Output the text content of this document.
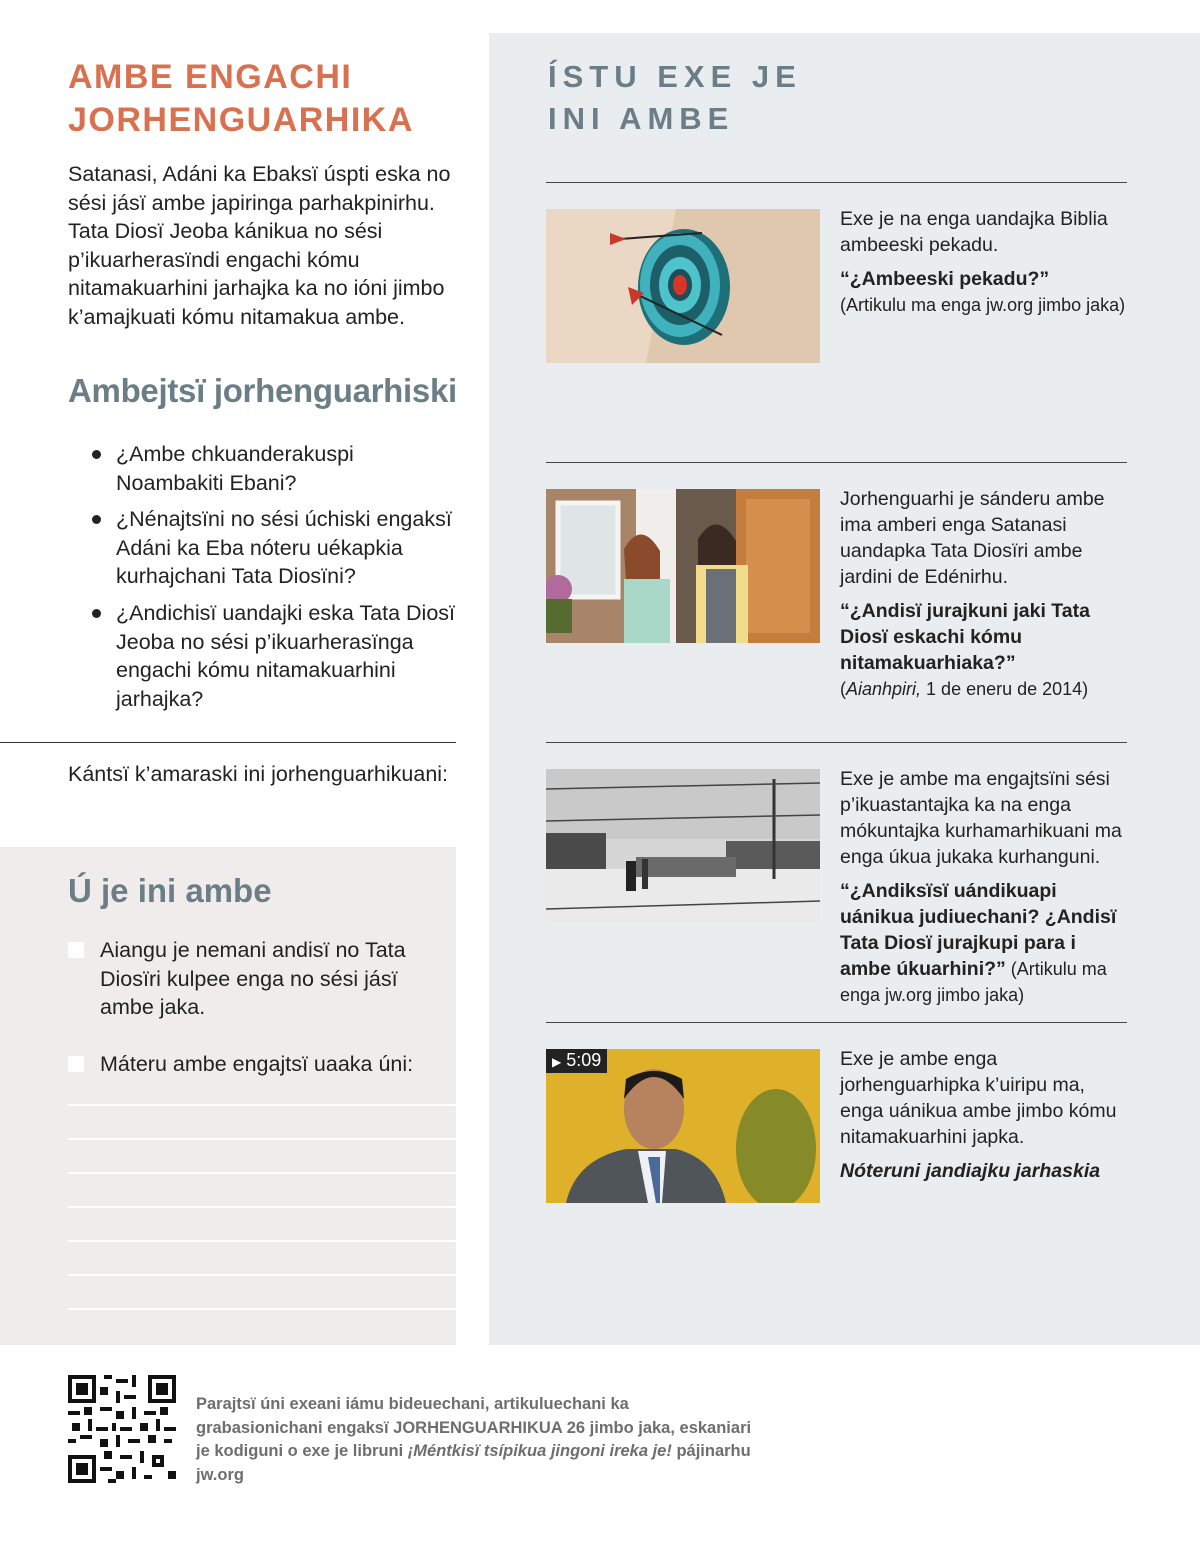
AMBE ENGACHI
JORHENGUARHIKA

Satanasi, Adáni ka Ebaksï úspti eska no sési jásï ambe japiringa parhakpinirhu. Tata Diosï Jeoba kánikua no sési p’ikuarherasïndi engachi kómu nitamakuarhini jarhajka ka no ióni jimbo k’amajkuati kómu nitamakua ambe.

Ambejtsï jorhenguarhiski
¿Ambe chkuanderakuspi Noambakiti Ebani?
¿Nénajtsïni no sési úchiski engaksï Adáni ka Eba nóteru uékapkia kurhajchani Tata Diosïni?
¿Andichisï uandajki eska Tata Diosï Jeoba no sési p’ikuarherasïnga engachi kómu nitamakuarhini jarhajka?

Kántsï k’amaraski ini jorhenguarhikuani:

Ú je ini ambe
Aiangu je nemani andisï no Tata Diosïri kulpee enga no sési jásï ambe jaka.
Máteru ambe engajtsï uaaka úni:
ÍSTU EXE JE
INI AMBE
Exe je na enga uandajka Biblia ambeeski pekadu.
“¿Ambeeski pekadu?”
(Artikulu ma enga jw.org jimbo jaka)
Jorhenguarhi je sánderu ambe ima amberi enga Satanasi uandapka Tata Diosïri ambe jardini de Edénirhu.
“¿Andisï jurajkuni jaki Tata Diosï eskachi kómu nitamakuarhiaka?”
(Aianhpiri, 1 de eneru de 2014)
Exe je ambe ma engajtsïni sési p’ikuastantajka ka na enga mókuntajka kurhamarhikuani ma enga úkua jukaka kurhanguni.
“¿Andiksïsï uándikuapi uánikua judiuechani? ¿Andisï Tata Diosï jurajkupi para i ambe úkuarhini?” (Artikulu ma enga jw.org jimbo jaka)
▶ 5:09	Exe je ambe enga jorhenguarhipka k’uiripu ma, enga uánikua ambe jimbo kómu nitamakuarhini japka.
Nóteruni jandiajku jarhaskia

Parajtsï úni exeani iámu bideuechani, artikuluechani ka grabasionichani engaksï JORHENGUARHIKUA 26 jimbo jaka, eskaniari je kodiguni o exe je libruni ¡Méntkisï tsípikua jingoni ireka je! pájinarhu jw.org
